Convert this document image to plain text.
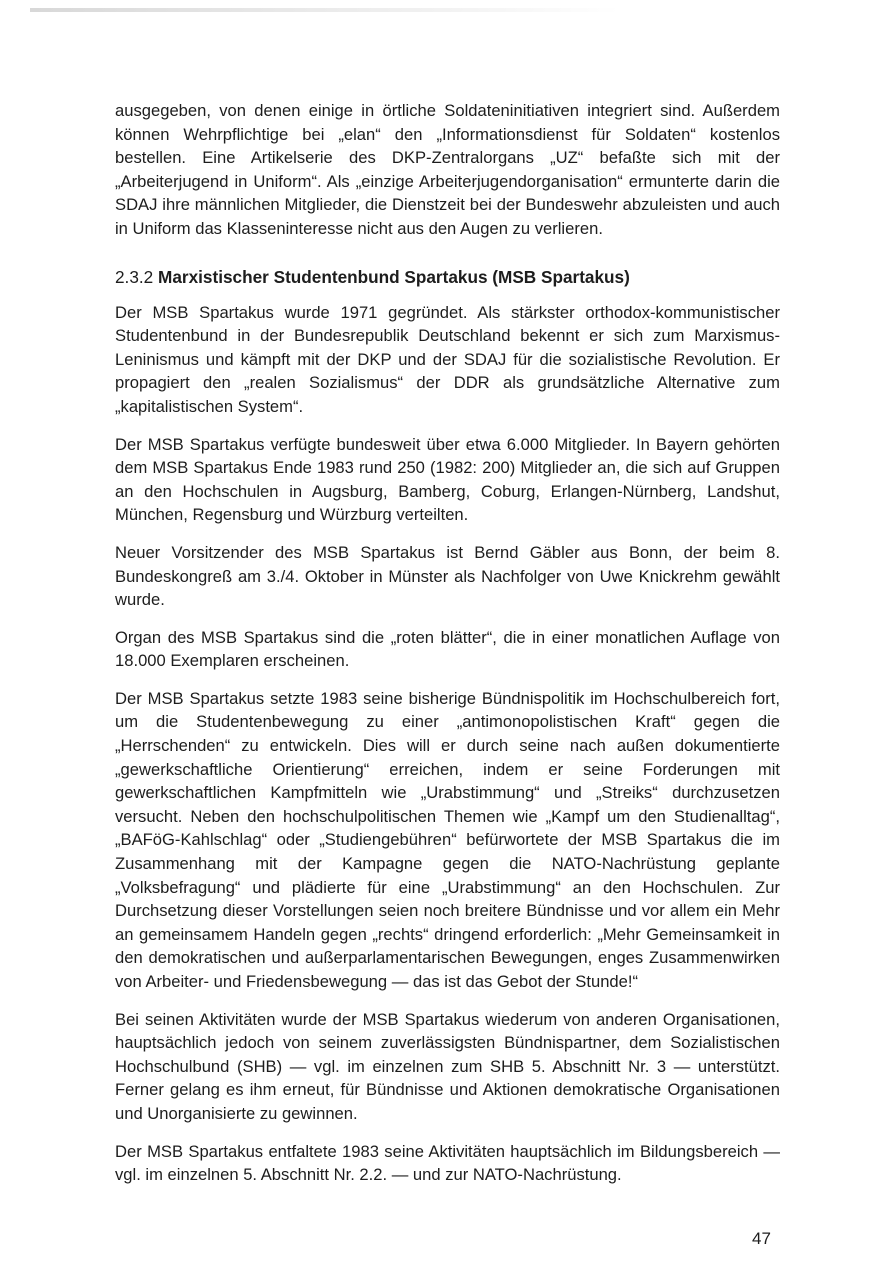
ausgegeben, von denen einige in örtliche Soldateninitiativen integriert sind. Außerdem können Wehrpflichtige bei „elan“ den „Informationsdienst für Soldaten“ kostenlos bestellen. Eine Artikelserie des DKP-Zentralorgans „UZ“ befaßte sich mit der „Arbeiterjugend in Uniform“. Als „einzige Arbeiterjugendorganisation“ ermunterte darin die SDAJ ihre männlichen Mitglieder, die Dienstzeit bei der Bundeswehr abzuleisten und auch in Uniform das Klasseninteresse nicht aus den Augen zu verlieren.

2.3.2 Marxistischer Studentenbund Spartakus (MSB Spartakus)

Der MSB Spartakus wurde 1971 gegründet. Als stärkster orthodox-kommunistischer Studentenbund in der Bundesrepublik Deutschland bekennt er sich zum Marxismus-Leninismus und kämpft mit der DKP und der SDAJ für die sozialistische Revolution. Er propagiert den „realen Sozialismus“ der DDR als grundsätzliche Alternative zum „kapitalistischen System“.

Der MSB Spartakus verfügte bundesweit über etwa 6.000 Mitglieder. In Bayern gehörten dem MSB Spartakus Ende 1983 rund 250 (1982: 200) Mitglieder an, die sich auf Gruppen an den Hochschulen in Augsburg, Bamberg, Coburg, Erlangen-Nürnberg, Landshut, München, Regensburg und Würzburg verteilten.

Neuer Vorsitzender des MSB Spartakus ist Bernd Gäbler aus Bonn, der beim 8. Bundeskongreß am 3./4. Oktober in Münster als Nachfolger von Uwe Knickrehm gewählt wurde.

Organ des MSB Spartakus sind die „roten blätter“, die in einer monatlichen Auflage von 18.000 Exemplaren erscheinen.

Der MSB Spartakus setzte 1983 seine bisherige Bündnispolitik im Hochschulbereich fort, um die Studentenbewegung zu einer „antimonopolistischen Kraft“ gegen die „Herrschenden“ zu entwickeln. Dies will er durch seine nach außen dokumentierte „gewerkschaftliche Orientierung“ erreichen, indem er seine Forderungen mit gewerkschaftlichen Kampfmitteln wie „Urabstimmung“ und „Streiks“ durchzusetzen versucht. Neben den hochschulpolitischen Themen wie „Kampf um den Studienalltag“, „BAFöG-Kahlschlag“ oder „Studiengebühren“ befürwortete der MSB Spartakus die im Zusammenhang mit der Kampagne gegen die NATO-Nachrüstung geplante „Volksbefragung“ und plädierte für eine „Urabstimmung“ an den Hochschulen. Zur Durchsetzung dieser Vorstellungen seien noch breitere Bündnisse und vor allem ein Mehr an gemeinsamem Handeln gegen „rechts“ dringend erforderlich: „Mehr Gemeinsamkeit in den demokratischen und außerparlamentarischen Bewegungen, enges Zusammenwirken von Arbeiter- und Friedensbewegung — das ist das Gebot der Stunde!“

Bei seinen Aktivitäten wurde der MSB Spartakus wiederum von anderen Organisationen, hauptsächlich jedoch von seinem zuverlässigsten Bündnispartner, dem Sozialistischen Hochschulbund (SHB) — vgl. im einzelnen zum SHB 5. Abschnitt Nr. 3 — unterstützt. Ferner gelang es ihm erneut, für Bündnisse und Aktionen demokratische Organisationen und Unorganisierte zu gewinnen.

Der MSB Spartakus entfaltete 1983 seine Aktivitäten hauptsächlich im Bildungsbereich — vgl. im einzelnen 5. Abschnitt Nr. 2.2. — und zur NATO-Nachrüstung.

47
